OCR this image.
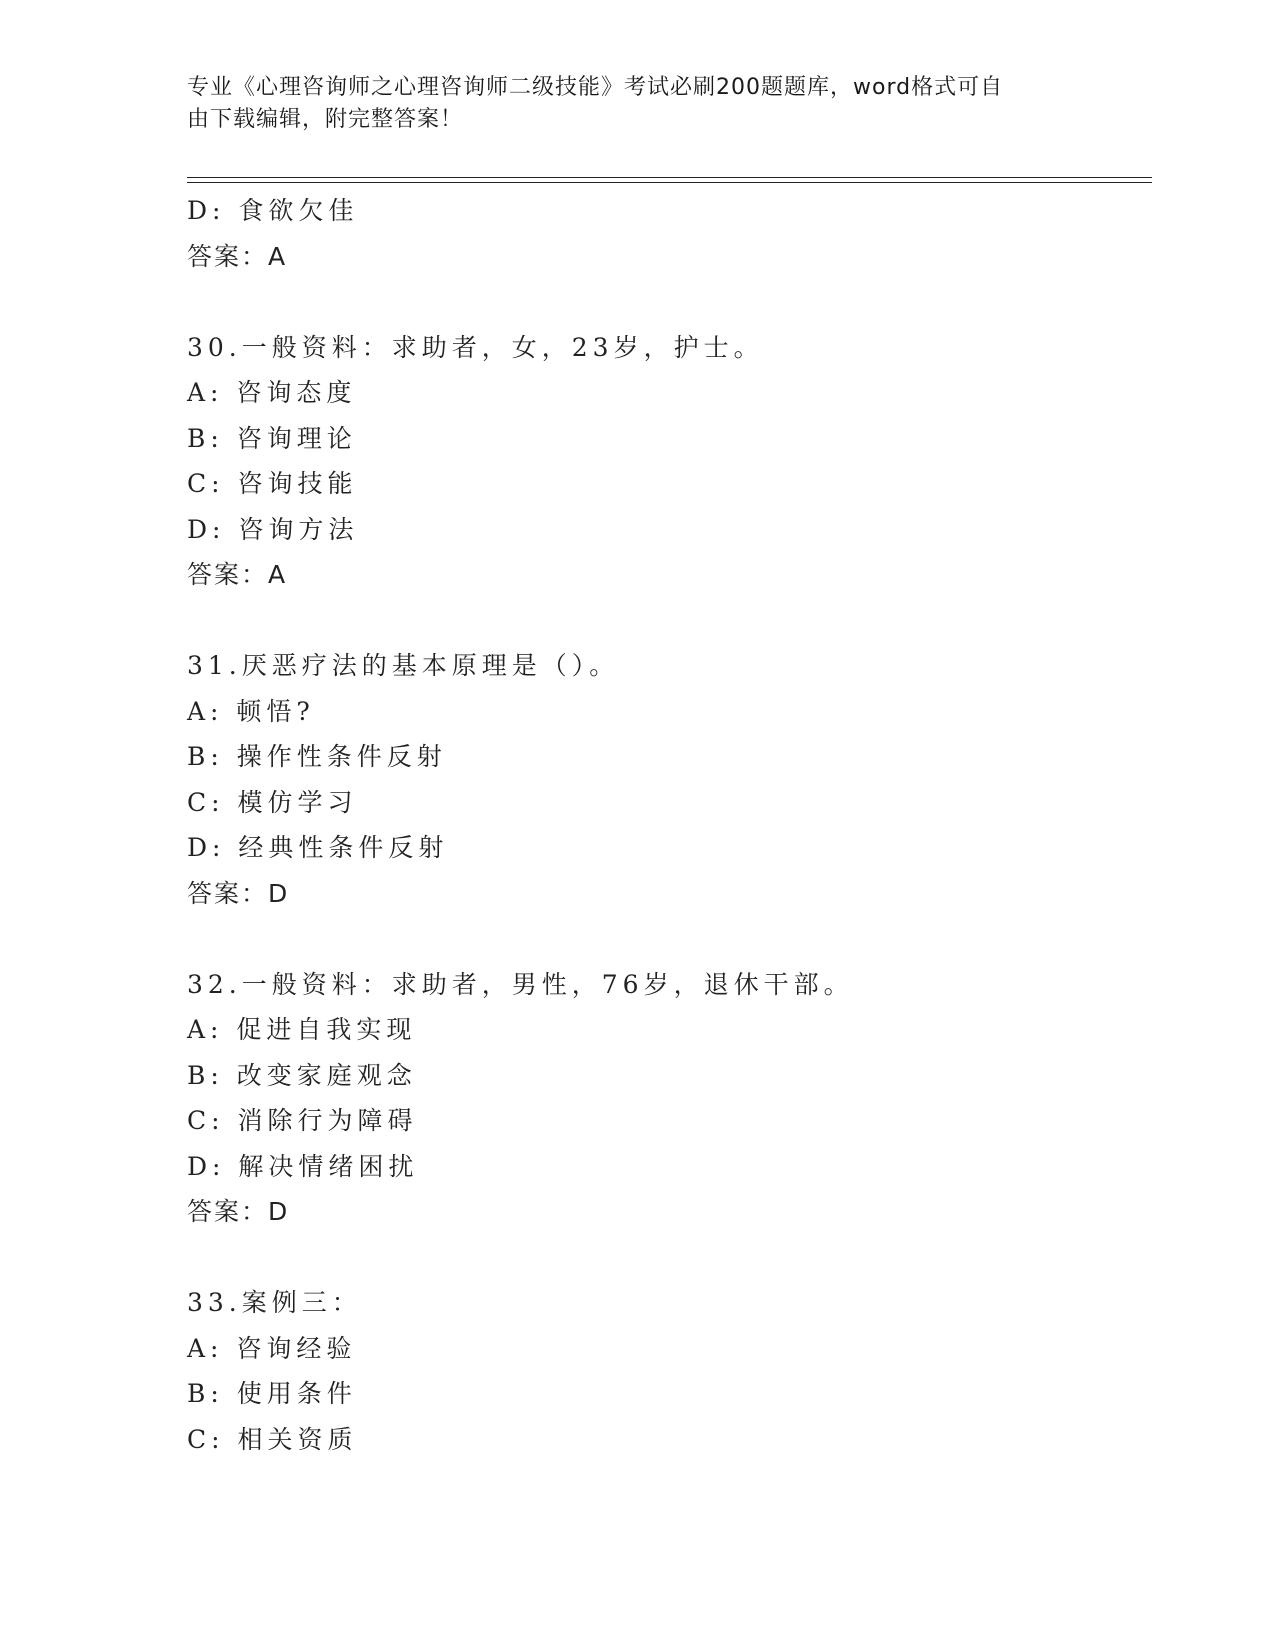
专业《心理咨询师之心理咨询师二级技能》考试必刷200题题库，word格式可自
由下载编辑，附完整答案！
D: 食欲欠佳
答案：A
30.一般资料：求助者，女，23岁，护士。
A: 咨询态度
B: 咨询理论
C: 咨询技能
D: 咨询方法
答案：A
31.厌恶疗法的基本原理是（）。
A: 顿悟?
B: 操作性条件反射
C: 模仿学习
D: 经典性条件反射
答案：D
32.一般资料：求助者，男性，76岁，退休干部。
A: 促进自我实现
B: 改变家庭观念
C: 消除行为障碍
D: 解决情绪困扰
答案：D
33.案例三：
A: 咨询经验
B: 使用条件
C: 相关资质
